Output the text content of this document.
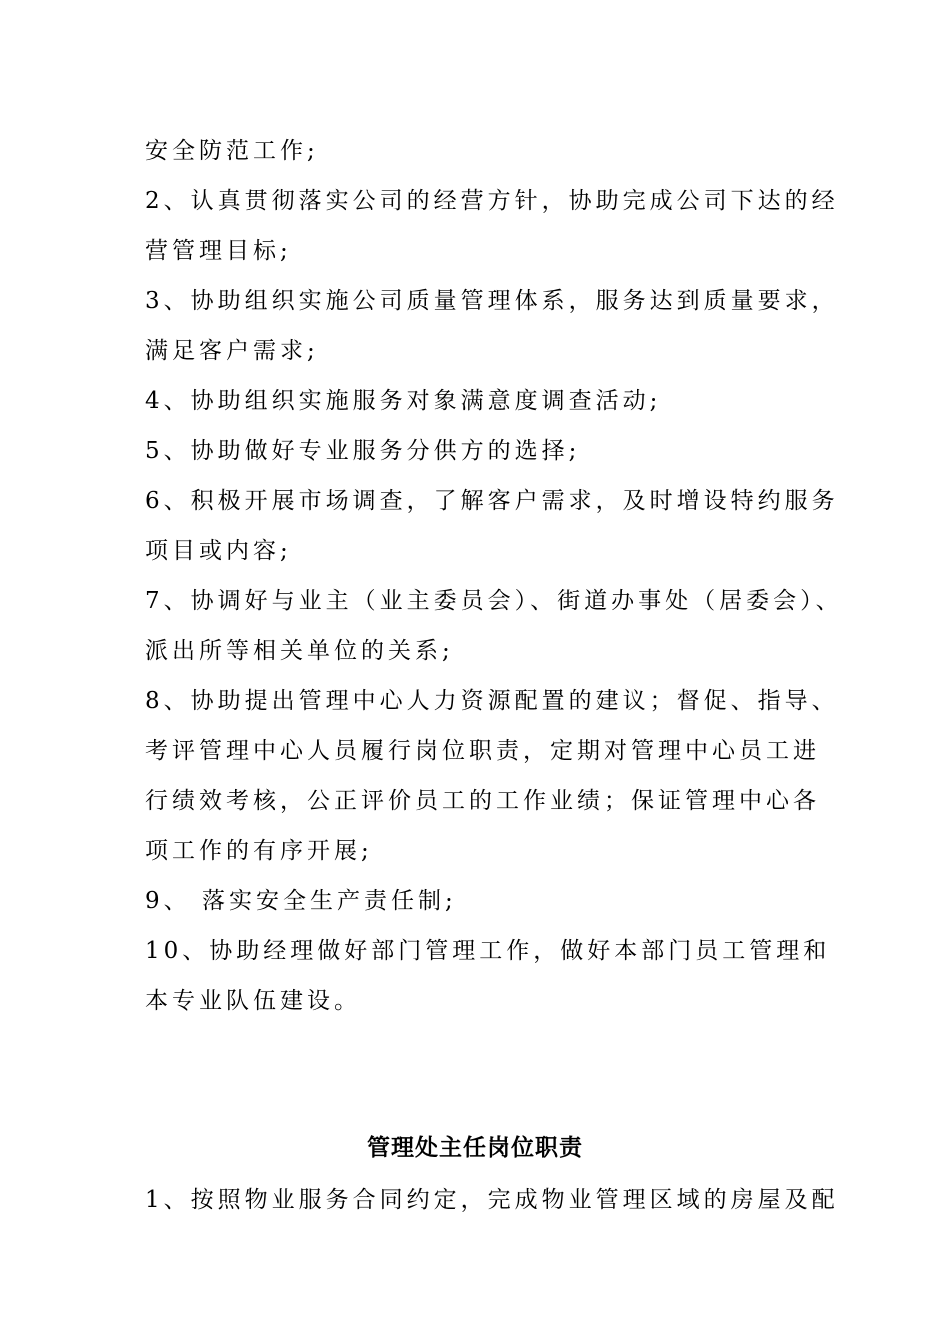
安全防范工作;
2、认真贯彻落实公司的经营方针，协助完成公司下达的经
营管理目标;
3、协助组织实施公司质量管理体系，服务达到质量要求，
满足客户需求;
4、协助组织实施服务对象满意度调查活动;
5、协助做好专业服务分供方的选择;
6、积极开展市场调查，了解客户需求，及时增设特约服务
项目或内容;
7、协调好与业主（业主委员会）、街道办事处（居委会）、
派出所等相关单位的关系;
8、协助提出管理中心人力资源配置的建议；督促、指导、
考评管理中心人员履行岗位职责，定期对管理中心员工进
行绩效考核，公正评价员工的工作业绩；保证管理中心各
项工作的有序开展;
9、 落实安全生产责任制;
10、协助经理做好部门管理工作，做好本部门员工管理和
本专业队伍建设。
管理处主任岗位职责
1、按照物业服务合同约定，完成物业管理区域的房屋及配
